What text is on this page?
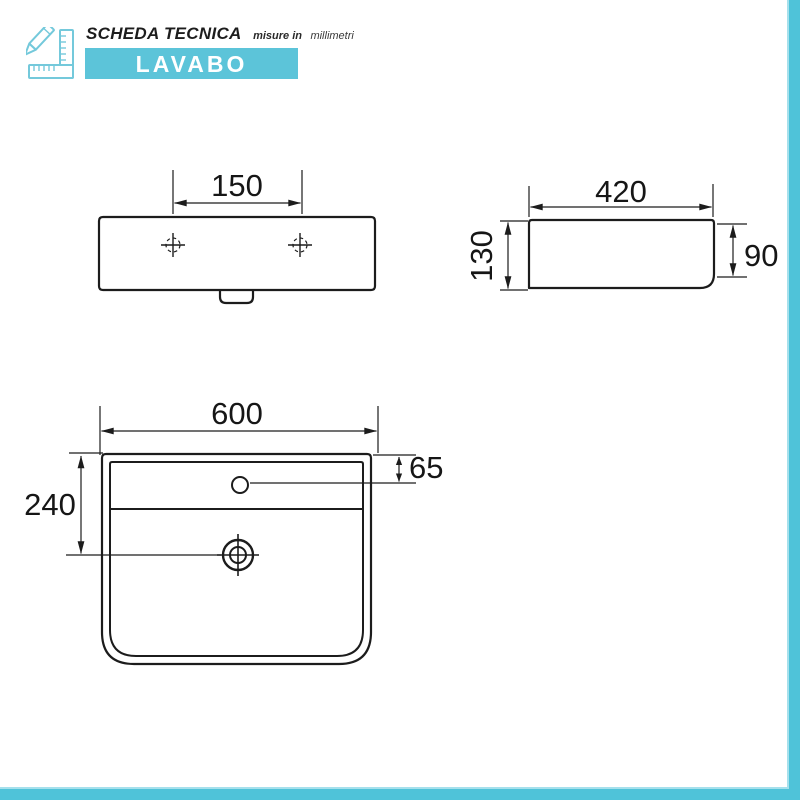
SCHEDA TECNICA misure in millimetri
LAVABO
150	420
130	90
600
240
65
